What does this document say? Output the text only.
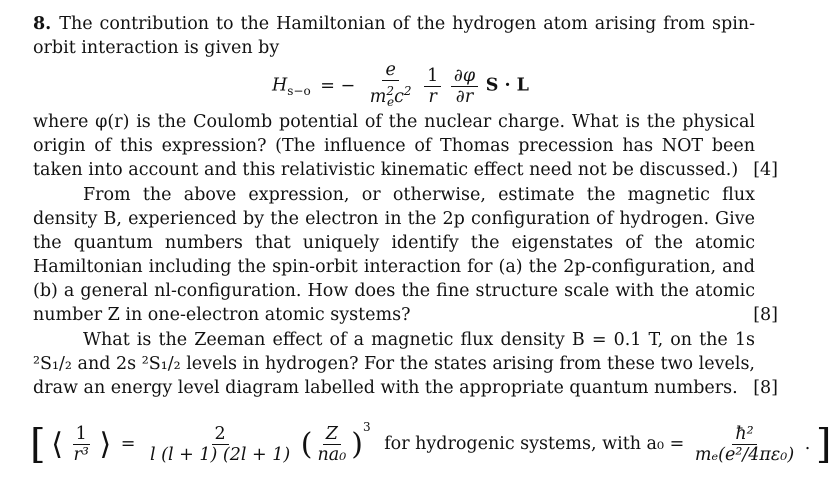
8. The contribution to the Hamiltonian of the hydrogen atom arising from spin-orbit interaction is given by
$H_{s-o}$ = − $\frac{e}{m^2_ec^2}$
$\frac{1}{r}$
$\frac{\partial\varphi}{\partial r}$ S · L
where φ(r) is the Coulomb potential of the nuclear charge. What is the physical origin of this expression? (The influence of Thomas precession has NOT been taken into account and this relativistic kinematic effect need not be discussed.) [4]
From the above expression, or otherwise, estimate the magnetic flux density B, experienced by the electron in the 2p configuration of hydrogen. Give the quantum numbers that uniquely identify the eigenstates of the atomic Hamiltonian including the spin-orbit interaction for (a) the 2p-configuration, and (b) a general nl-configuration. How does the fine structure scale with the atomic number Z in one-electron atomic systems?	[8]
What is the Zeeman effect of a magnetic flux density B = 0.1 T, on the 1s ²S₁/₂ and 2s ²S₁/₂ levels in hydrogen? For the states arising from these two levels, draw an energy level diagram labelled with the appropriate quantum numbers. [8]
[ ⟨ $\frac{1}{\text{r³}}$ ⟩ = $\frac{2}{l (l + 1) (2l + 1)}$ ( $\frac{Z}{\text{na₀}} )^3$ for hydrogenic systems, with $a_0 = \frac{\text{ħ²}}{\text{mₑ(e²/4πε₀)}}$ . ]
